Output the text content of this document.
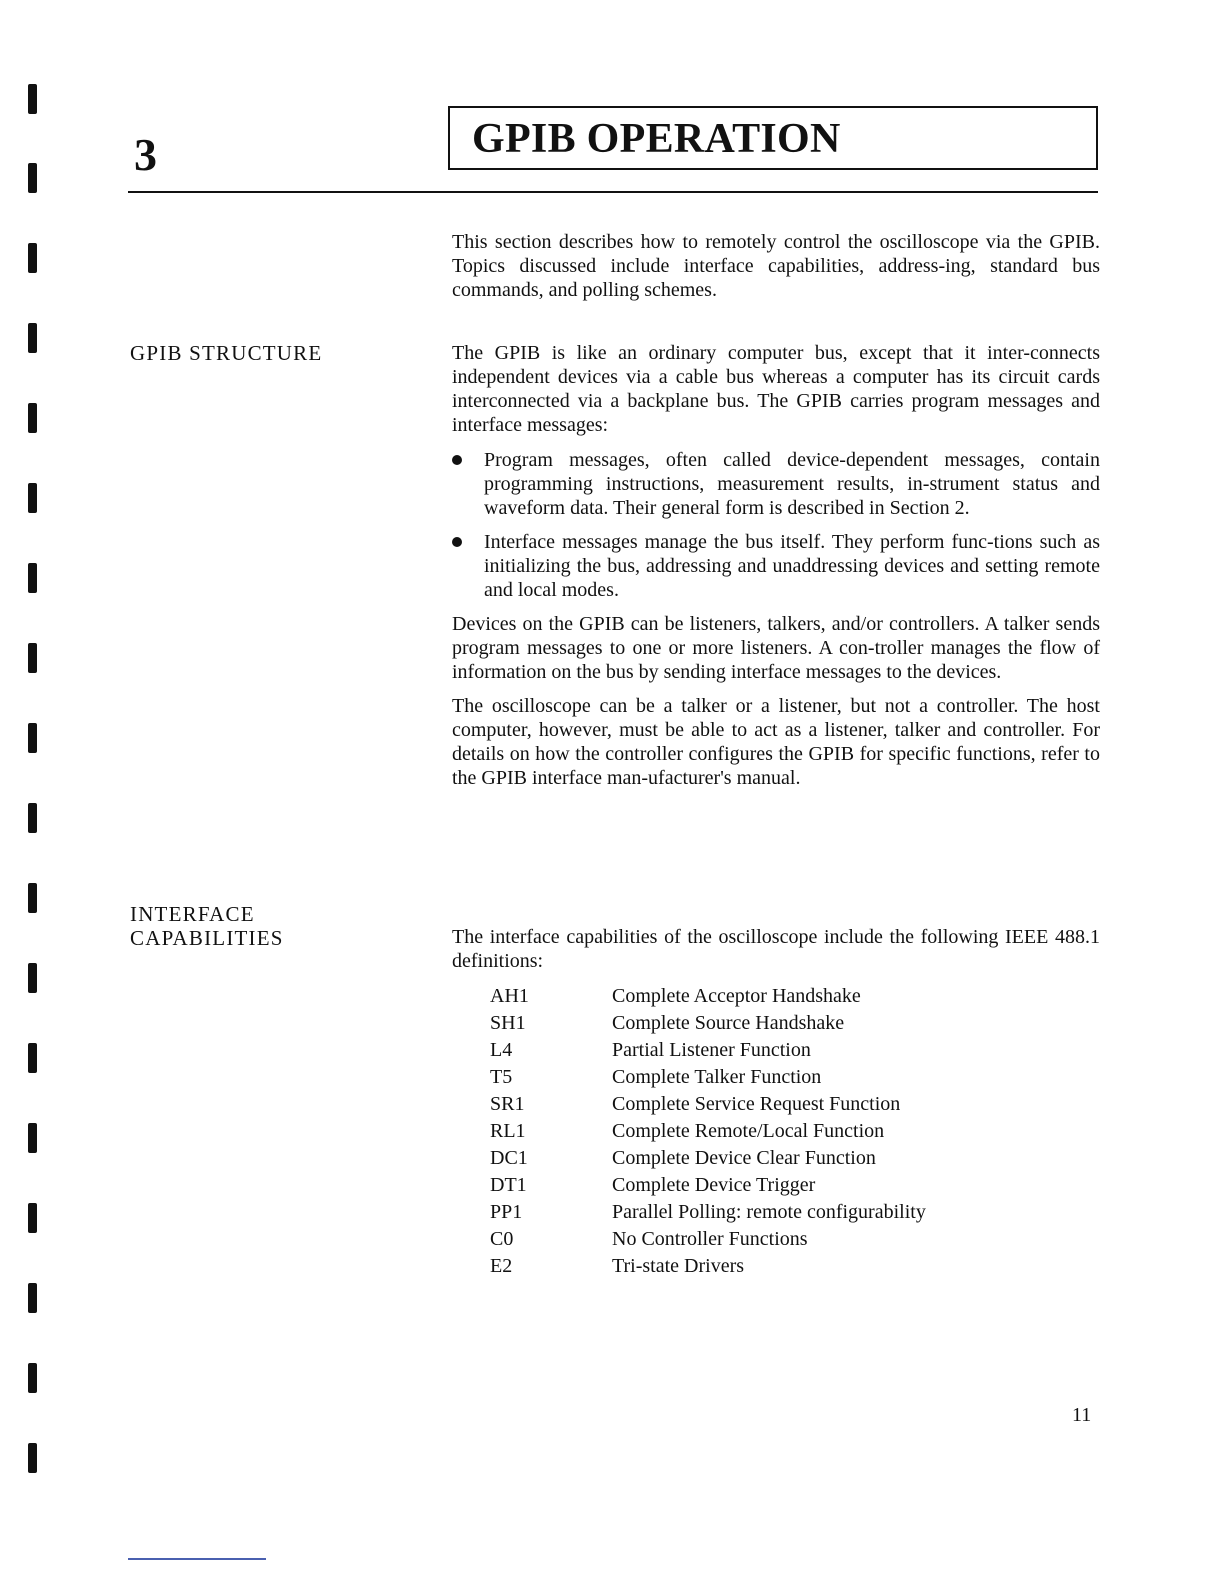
3	GPIB OPERATION

This section describes how to remotely control the oscilloscope via the GPIB. Topics discussed include interface capabilities, address-ing, standard bus commands, and polling schemes.

GPIB STRUCTURE	The GPIB is like an ordinary computer bus, except that it inter-connects independent devices via a cable bus whereas a computer has its circuit cards interconnected via a backplane bus. The GPIB carries program messages and interface messages:

Program messages, often called device-dependent messages, contain programming instructions, measurement results, in-strument status and waveform data. Their general form is described in Section 2.
Interface messages manage the bus itself. They perform func-tions such as initializing the bus, addressing and unaddressing devices and setting remote and local modes.

Devices on the GPIB can be listeners, talkers, and/or controllers. A talker sends program messages to one or more listeners. A con-troller manages the flow of information on the bus by sending interface messages to the devices.

The oscilloscope can be a talker or a listener, but not a controller. The host computer, however, must be able to act as a listener, talker and controller. For details on how the controller configures the GPIB for specific functions, refer to the GPIB interface man-ufacturer's manual.

INTERFACE
CAPABILITIES	The interface capabilities of the oscilloscope include the following IEEE 488.1 definitions:

AH1	Complete Acceptor Handshake
SH1	Complete Source Handshake
L4	Partial Listener Function
T5	Complete Talker Function
SR1	Complete Service Request Function
RL1	Complete Remote/Local Function
DC1	Complete Device Clear Function
DT1	Complete Device Trigger
PP1	Parallel Polling: remote configurability
C0	No Controller Functions
E2	Tri-state Drivers
11
